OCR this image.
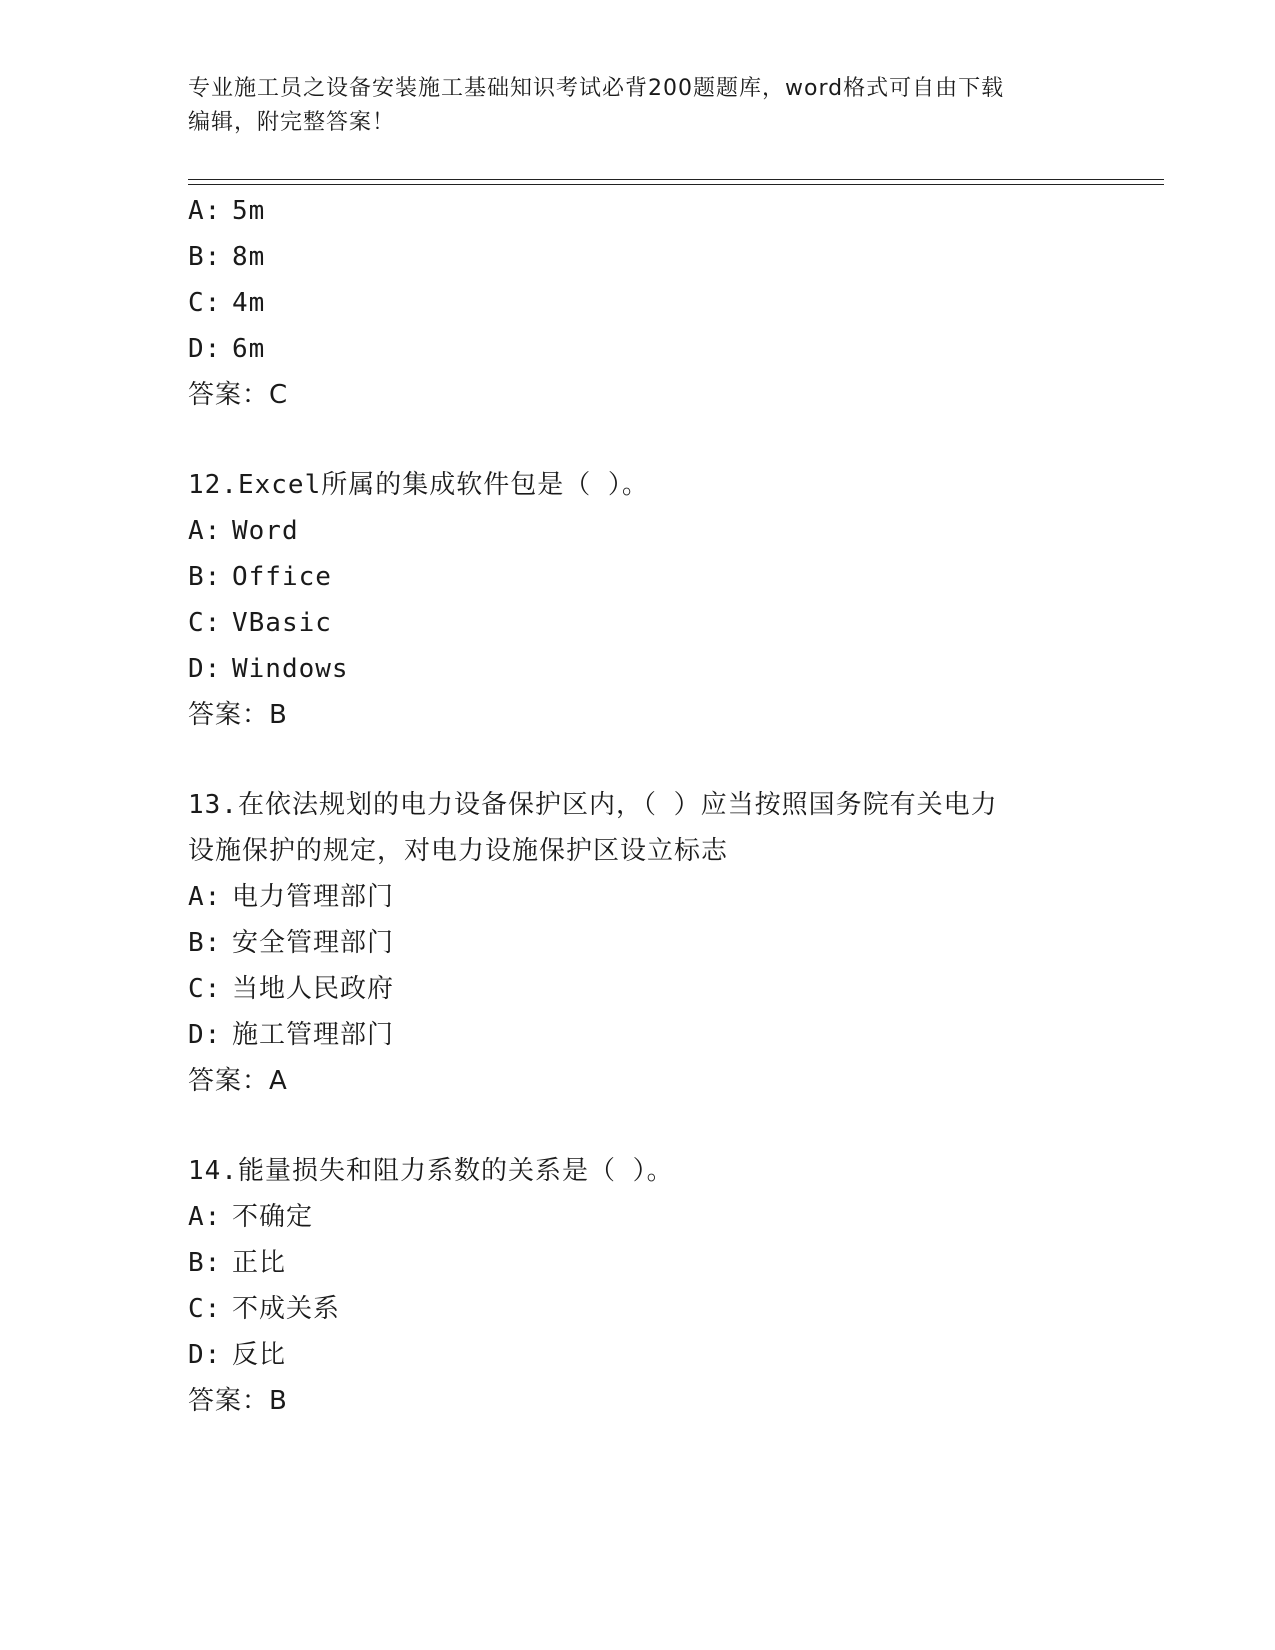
专业施工员之设备安装施工基础知识考试必背200题题库，word格式可自由下载
编辑，附完整答案！
A: 5m
B: 8m
C: 4m
D: 6m
答案：C
12.Excel所属的集成软件包是（ ）。
A: Word
B: Office
C: VBasic
D: Windows
答案：B
13.在依法规划的电力设备保护区内，（ ）应当按照国务院有关电力
设施保护的规定，对电力设施保护区设立标志
A: 电力管理部门
B: 安全管理部门
C: 当地人民政府
D: 施工管理部门
答案：A
14.能量损失和阻力系数的关系是（ ）。
A: 不确定
B: 正比
C: 不成关系
D: 反比
答案：B
